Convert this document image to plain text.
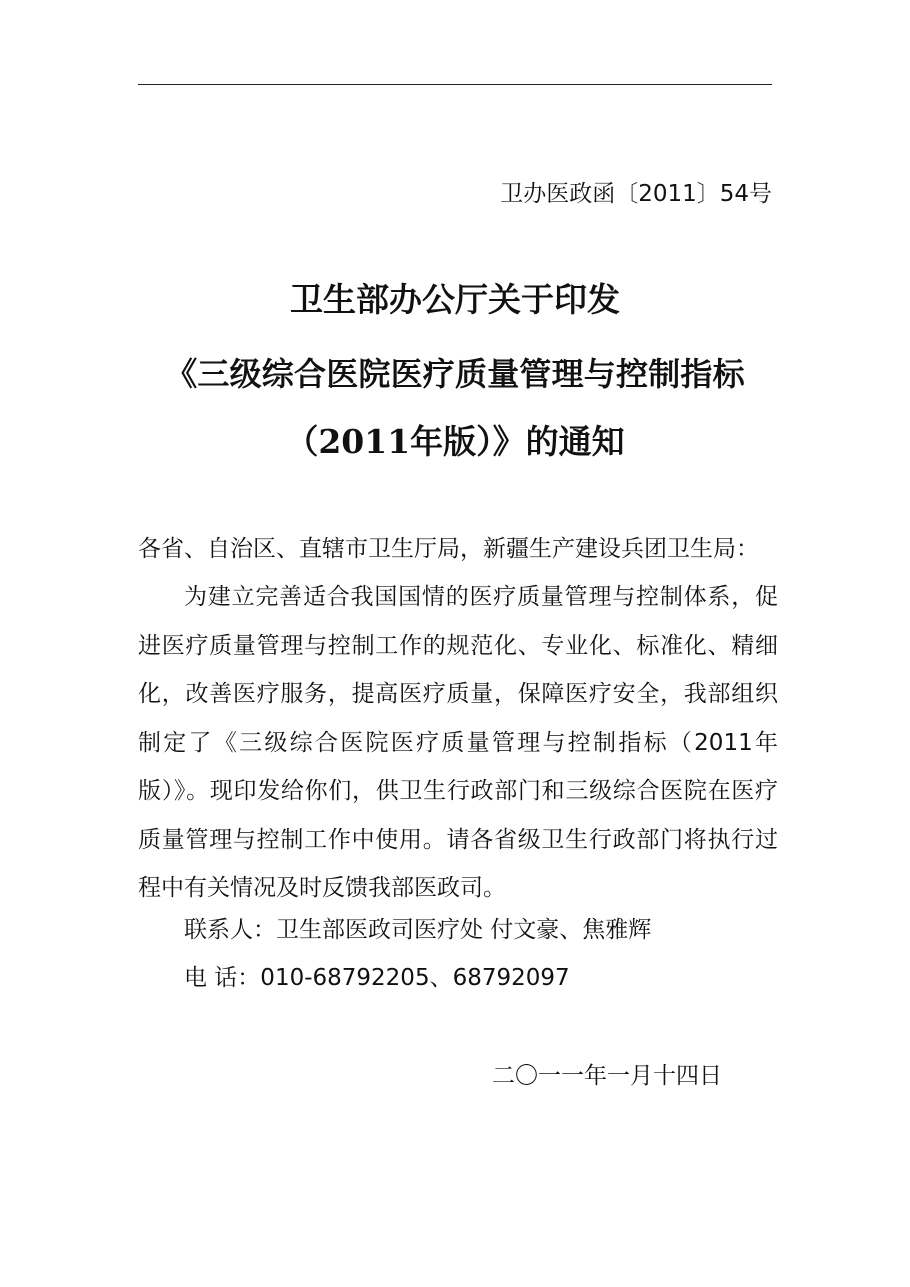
卫办医政函〔2011〕54号
卫生部办公厅关于印发
《三级综合医院医疗质量管理与控制指标
（2011年版）》的通知
各省、自治区、直辖市卫生厅局，新疆生产建设兵团卫生局：
为建立完善适合我国国情的医疗质量管理与控制体系，促进医疗质量管理与控制工作的规范化、专业化、标准化、精细化，改善医疗服务，提高医疗质量，保障医疗安全，我部组织制定了《三级综合医院医疗质量管理与控制指标（2011年版）》。现印发给你们，供卫生行政部门和三级综合医院在医疗质量管理与控制工作中使用。请各省级卫生行政部门将执行过程中有关情况及时反馈我部医政司。
联系人：卫生部医政司医疗处 付文豪、焦雅辉
电 话：010-68792205、68792097
二〇一一年一月十四日
